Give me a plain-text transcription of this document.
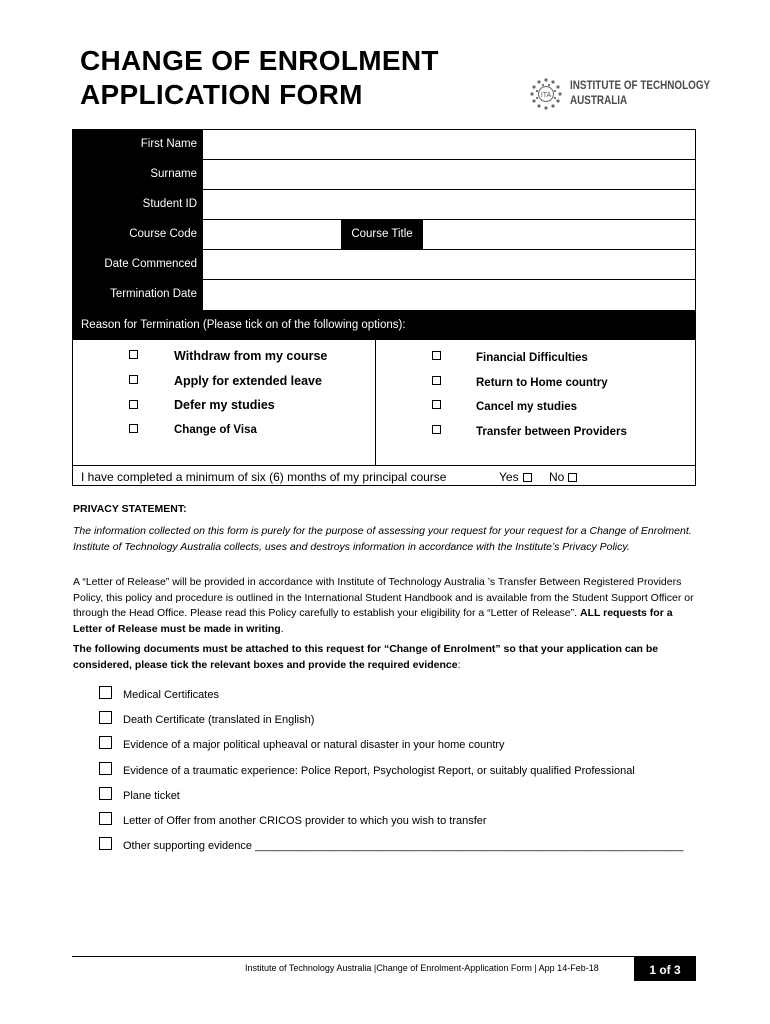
CHANGE OF ENROLMENT
APPLICATION FORM	ITA
INSTITUTE OF TECHNOLOGY
AUSTRALIA
First Name
Surname
Student ID
Course Code	Course Title
Date Commenced
Termination Date
Reason for Termination (Please tick on of the following options):
Withdraw from my course
Apply for extended leave
Defer my studies
Change of Visa
Financial Difficulties
Return to Home country
Cancel my studies
Transfer between Providers
I have completed a minimum of six (6) months of my principal course	Yes	No
PRIVACY STATEMENT:
The information collected on this form is purely for the purpose of assessing your request for your request for a Change of Enrolment. Institute of Technology Australia collects, uses and destroys information in accordance with the Institute’s Privacy Policy.
A “Letter of Release” will be provided in accordance with Institute of Technology Australia ’s Transfer Between Registered Providers Policy, this policy and procedure is outlined in the International Student Handbook and is available from the Student Support Officer or through the Head Office. Please read this Policy carefully to establish your eligibility for a “Letter of Release”. ALL requests for a Letter of Release must be made in writing.
The following documents must be attached to this request for “Change of Enrolment” so that your application can be considered, please tick the relevant boxes and provide the required evidence:
Medical Certificates
Death Certificate (translated in English)
Evidence of a major political upheaval or natural disaster in your home country
Evidence of a traumatic experience: Police Report, Psychologist Report, or suitably qualified Professional
Plane ticket
Letter of Offer from another CRICOS provider to which you wish to transfer
Other supporting evidence ______________________________________________________________________
Institute of Technology Australia |Change of Enrolment-Application Form | App 14-Feb-18	1 of 3
